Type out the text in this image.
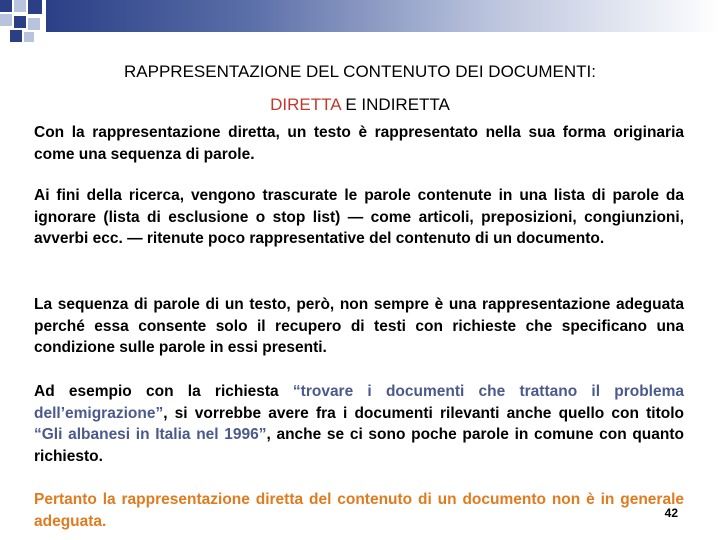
RAPPRESENTAZIONE DEL CONTENUTO DEI DOCUMENTI:
DIRETTA E INDIRETTA

Con la rappresentazione diretta, un testo è rappresentato nella sua forma originaria come una sequenza di parole.

Ai fini della ricerca, vengono trascurate le parole contenute in una lista di parole da ignorare (lista di esclusione o stop list) — come articoli, preposizioni, congiunzioni, avverbi ecc. — ritenute poco rappresentative del contenuto di un documento.

La sequenza di parole di un testo, però, non sempre è una rappresentazione adeguata perché essa consente solo il recupero di testi con richieste che specificano una condizione sulle parole in essi presenti.

Ad esempio con la richiesta “trovare i documenti che trattano il problema dell’emigrazione”, si vorrebbe avere fra i documenti rilevanti anche quello con titolo “Gli albanesi in Italia nel 1996”, anche se ci sono poche parole in comune con quanto richiesto.

Pertanto la rappresentazione diretta del contenuto di un documento non è in generale adeguata.	42
